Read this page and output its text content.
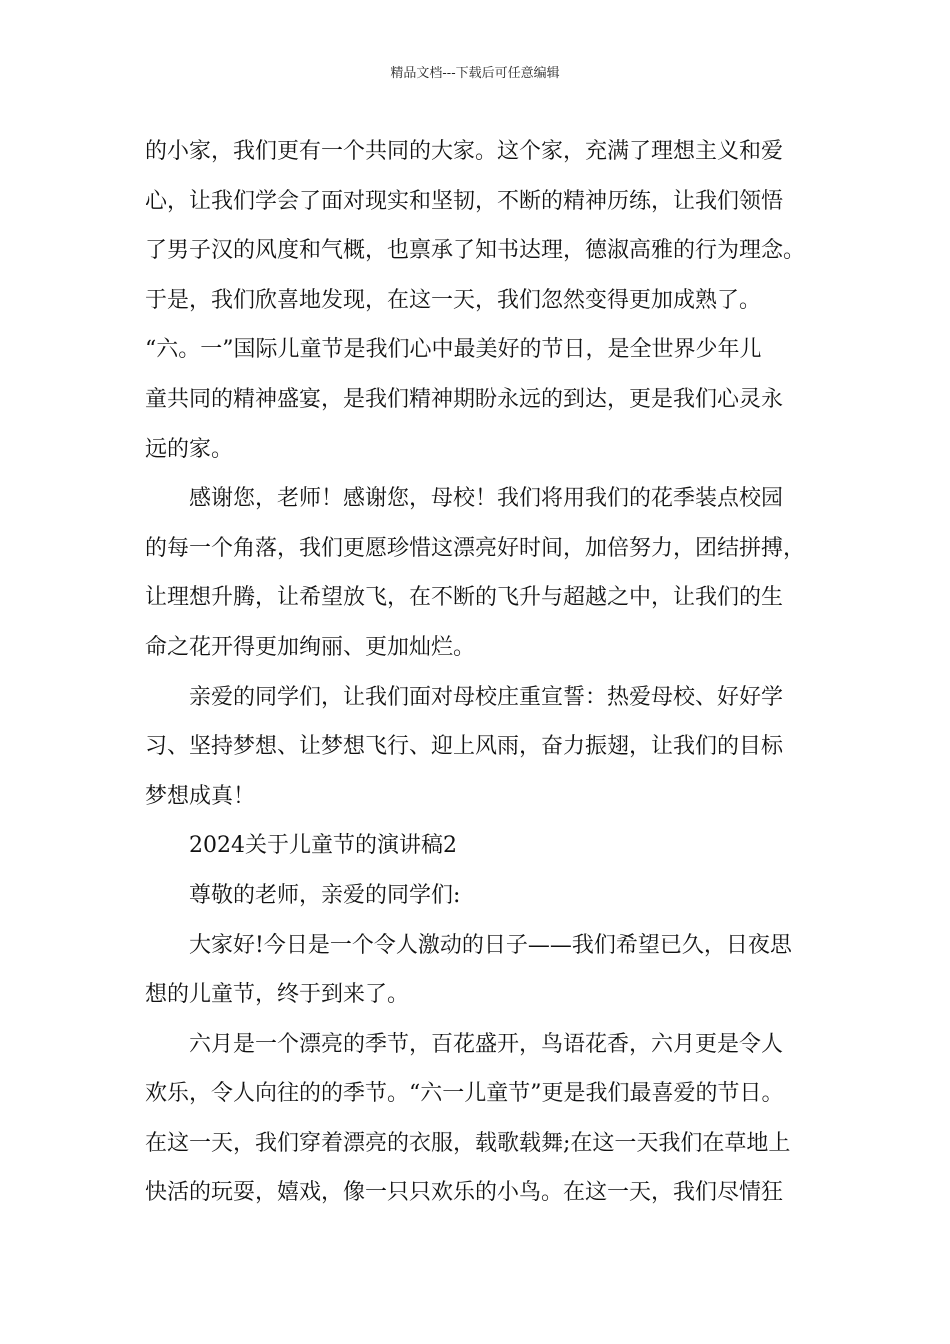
精品文档---下载后可任意编辑
的小家，我们更有一个共同的大家。这个家，充满了理想主义和爱
心，让我们学会了面对现实和坚韧，不断的精神历练，让我们领悟
了男子汉的风度和气概，也禀承了知书达理，德淑高雅的行为理念。
于是，我们欣喜地发现，在这一天，我们忽然变得更加成熟了。
“六。一”国际儿童节是我们心中最美好的节日，是全世界少年儿
童共同的精神盛宴，是我们精神期盼永远的到达，更是我们心灵永
远的家。
感谢您，老师！感谢您，母校！我们将用我们的花季装点校园
的每一个角落，我们更愿珍惜这漂亮好时间，加倍努力，团结拼搏，
让理想升腾，让希望放飞，在不断的飞升与超越之中，让我们的生
命之花开得更加绚丽、更加灿烂。
亲爱的同学们，让我们面对母校庄重宣誓：热爱母校、好好学
习、坚持梦想、让梦想飞行、迎上风雨，奋力振翅，让我们的目标
梦想成真！
2024关于儿童节的演讲稿2
尊敬的老师，亲爱的同学们:
大家好!今日是一个令人激动的日子——我们希望已久，日夜思
想的儿童节，终于到来了。
六月是一个漂亮的季节，百花盛开，鸟语花香，六月更是令人
欢乐，令人向往的的季节。“六一儿童节”更是我们最喜爱的节日。
在这一天，我们穿着漂亮的衣服，载歌载舞;在这一天我们在草地上
快活的玩耍，嬉戏，像一只只欢乐的小鸟。在这一天，我们尽情狂
